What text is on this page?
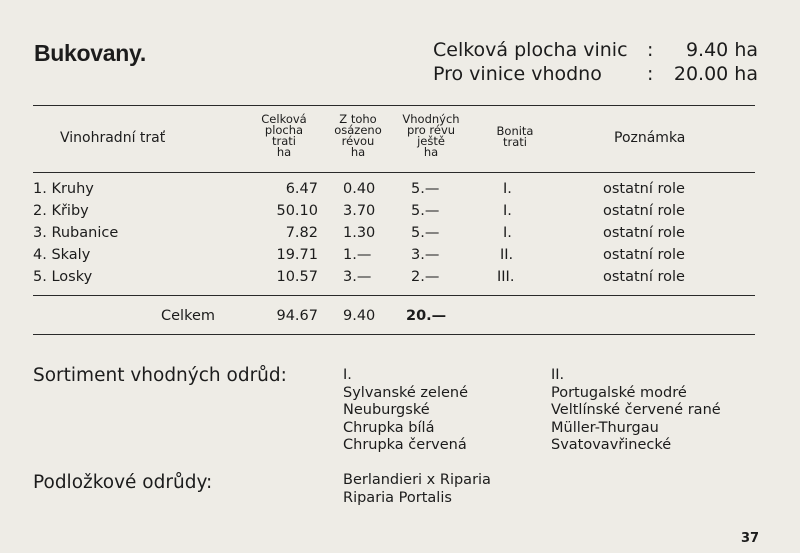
Bukovany.	Celková plocha vinic :	9.40 ha
Pro vinice vhodno :	20.00 ha
Vinohradní trať
Celková
plocha
trati
ha
Z toho
osázeno
révou
ha
Vhodných
pro révu
ještě
ha
Bonita
trati	Poznámka
1. Kruhy	6.47 0.40 5.—	I.	ostatní role
2. Křiby	50.10 3.70 5.—	I.	ostatní role
3. Rubanice	7.82 1.30 5.—	I.	ostatní role
4. Skaly	19.71 1.—	3.—	II.	ostatní role
5. Losky	10.57 3.—	2.—	III.	ostatní role
Celkem	94.67 9.40 20.—
Sortiment vhodných odrůd:	I.
Sylvanské zelené
Neuburgské
Chrupka bílá
Chrupka červená
II.
Portugalské modré
Veltlínské červené rané
Müller-Thurgau
Svatovavřinecké
Podložkové odrůdy:	Berlandieri x Riparia
Riparia Portalis
37
